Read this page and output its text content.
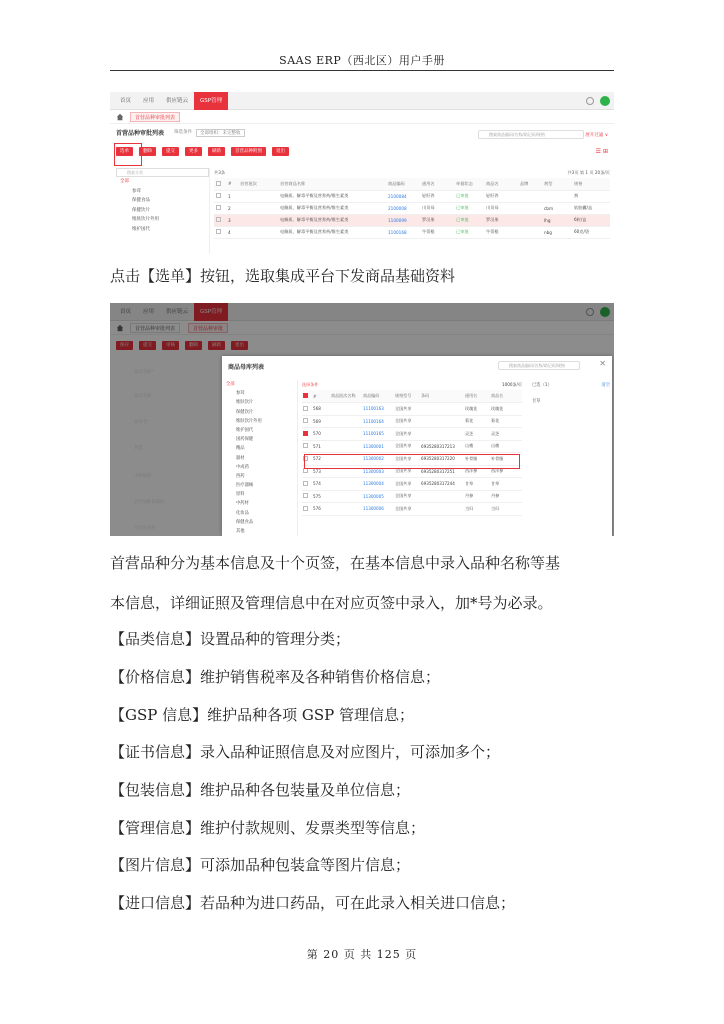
SAAS ERP（西北区）用户手册
首页	应用	供应链云	GSP管理
首营品种审批列表
首营品种审批列表 筛选条件	全部组织：未完整收	搜索商品编码/名称/助记码/规格	展开过滤 ∨
选单	删除	提交	更多	刷新	首营品种附图	退出	☰ ⊞
搜索分类
全部
参茸
保健食品
保健饮片
维肤饮片外用
维护国代
共3条	共3页 第 1 页 20条/页
	#	首营批次	首营商品名称	商品编码	通用名	单据状态	商品名	品牌	剂型	规格
	1		电解质、解毒平衡及营养药/维生素类	2100084	轻肝养	已审批	轻肝养			剂
	2		电解质、解毒平衡及营养药/维生素类	2100008	川贝母	已审批	川贝母		cbm	软胶囊/盒
	3		电解质、解毒平衡及营养药/维生素类	1100099	罗汉果	已审批	罗汉果		lhg	6粒/盒
	4		电解质、解毒平衡及营养药/维生素类	1100168	牛蒡根	已审批	牛蒡根		nbg	60克/袋
点击【选单】按钮，选取集成平台下发商品基础资料
首页	应用	供应链云	GSP管理
首营品种审批列表	首营品种审批
保存	提交	审核	删除	刷新	退出
商品名称*
商品名称
通用名*
剂型
中药规格
首营品种备编码
是否处方药
商品母库列表	搜索商品编码/名称/助记码/规格	✕
全部
参茸
维肤饮片
保健饮片
维肤饮片外用
维护国代
国药保健
精品
器材
中成药
西药
医疗器械
原料
中药材
化妆品
保健食品
其他
选择条件	1000条/页
	#	商品批次名称	商品编码	规格型号	条码	通用名	商品名
	568		11100163	全国共享		玫瑰花	玫瑰花
	569		11100164	全国共享		菊花	菊花
	570		11100165	全国共享		灵芝	灵芝
	571		11300001	全国共享	6935280317213	山楂	山楂
	572		11300002	全国共享	6935280317220	补骨脂	补骨脂
	573		11300003	全国共享	6935280317251	西洋参	西洋参
	574		11300004	全国共享	6935280317244	甘草	甘草
	575		11300005	全国共享		丹参	丹参
	576		11300006	全国共享		当归	当归
已选（1）	清空
甘草
首营品种分为基本信息及十个页签，在基本信息中录入品种名称等基
本信息，详细证照及管理信息中在对应页签中录入，加*号为必录。
【品类信息】设置品种的管理分类；
【价格信息】维护销售税率及各种销售价格信息；
【GSP 信息】维护品种各项 GSP 管理信息；
【证书信息】录入品种证照信息及对应图片，可添加多个；
【包装信息】维护品种各包装量及单位信息；
【管理信息】维护付款规则、发票类型等信息；
【图片信息】可添加品种包装盒等图片信息；
【进口信息】若品种为进口药品，可在此录入相关进口信息；
第 20 页 共 125 页
